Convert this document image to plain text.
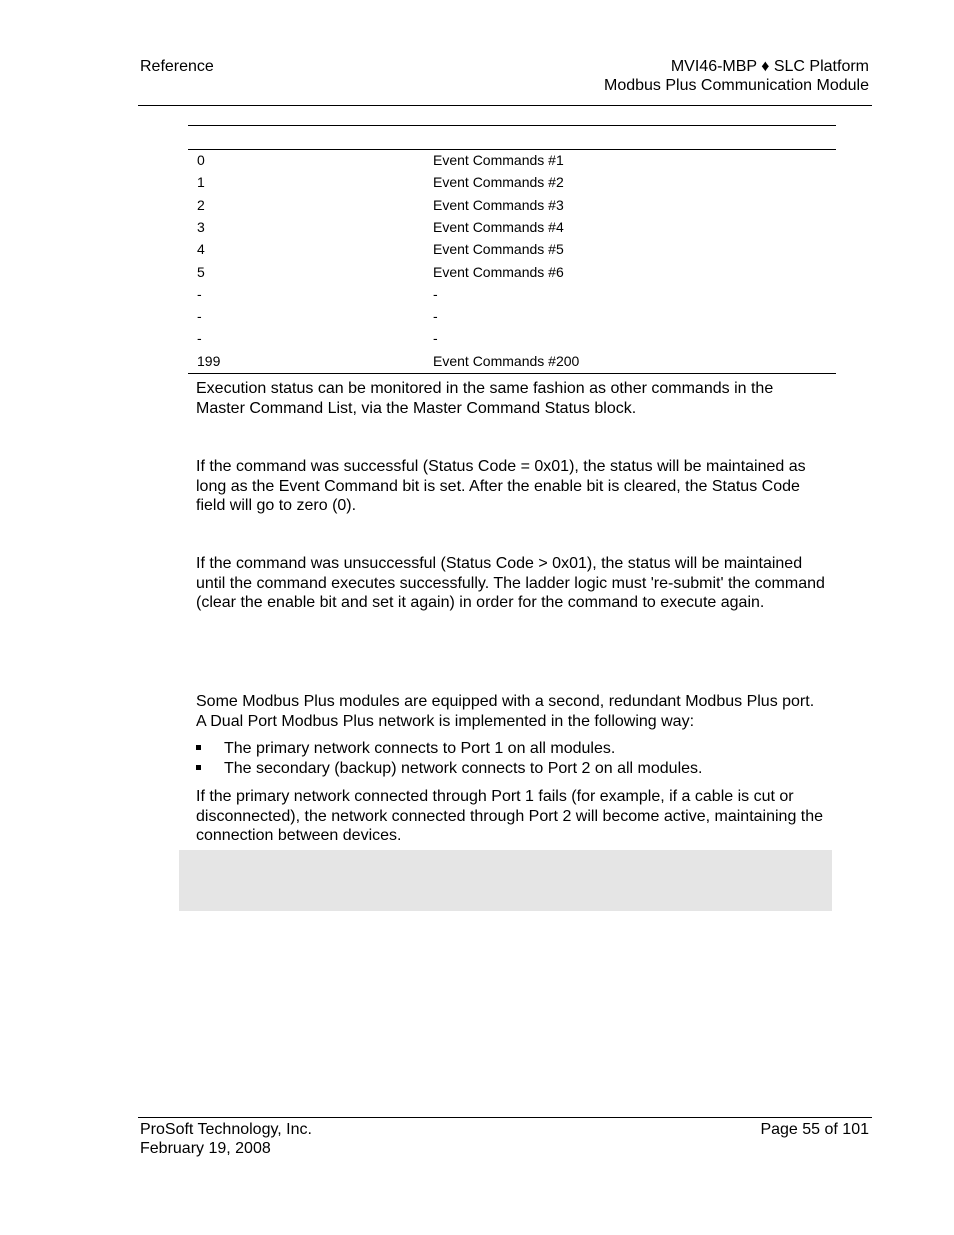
Reference	MVI46-MBP ♦ SLC Platform
Modbus Plus Communication Module
0	Event Commands #1
1	Event Commands #2
2	Event Commands #3
3	Event Commands #4
4	Event Commands #5
5	Event Commands #6
-	-
-	-
-	-
199	Event Commands #200
Execution status can be monitored in the same fashion as other commands in the Master Command List, via the Master Command Status block.
If the command was successful (Status Code = 0x01), the status will be maintained as long as the Event Command bit is set. After the enable bit is cleared, the Status Code field will go to zero (0).
If the command was unsuccessful (Status Code > 0x01), the status will be maintained until the command executes successfully. The ladder logic must 're-submit' the command (clear the enable bit and set it again) in order for the command to execute again.
Some Modbus Plus modules are equipped with a second, redundant Modbus Plus port. A Dual Port Modbus Plus network is implemented in the following way:
The primary network connects to Port 1 on all modules.
The secondary (backup) network connects to Port 2 on all modules.
If the primary network connected through Port 1 fails (for example, if a cable is cut or disconnected), the network connected through Port 2 will become active, maintaining the connection between devices.
ProSoft Technology, Inc.
February 19, 2008
Page 55 of 101
